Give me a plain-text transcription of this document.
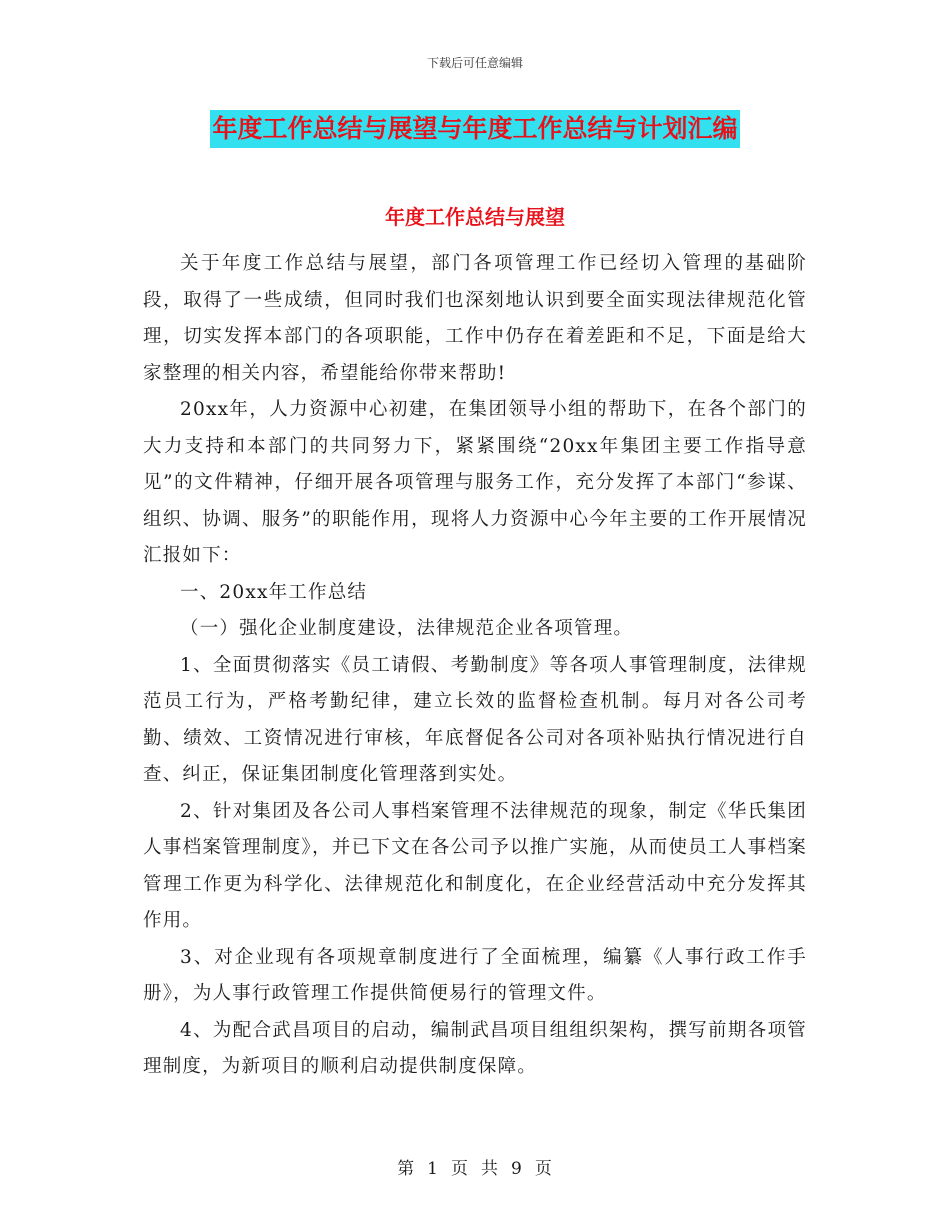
下载后可任意编辑
年度工作总结与展望与年度工作总结与计划汇编
年度工作总结与展望

关于年度工作总结与展望，部门各项管理工作已经切入管理的基础阶段，取得了一些成绩，但同时我们也深刻地认识到要全面实现法律规范化管理，切实发挥本部门的各项职能，工作中仍存在着差距和不足，下面是给大家整理的相关内容，希望能给你带来帮助!

20xx年，人力资源中心初建，在集团领导小组的帮助下，在各个部门的大力支持和本部门的共同努力下，紧紧围绕“20xx年集团主要工作指导意见”的文件精神，仔细开展各项管理与服务工作，充分发挥了本部门“参谋、组织、协调、服务”的职能作用，现将人力资源中心今年主要的工作开展情况汇报如下：

一、20xx年工作总结

（一）强化企业制度建设，法律规范企业各项管理。

1、全面贯彻落实《员工请假、考勤制度》等各项人事管理制度，法律规范员工行为，严格考勤纪律，建立长效的监督检查机制。每月对各公司考勤、绩效、工资情况进行审核，年底督促各公司对各项补贴执行情况进行自查、纠正，保证集团制度化管理落到实处。

2、针对集团及各公司人事档案管理不法律规范的现象，制定《华氏集团人事档案管理制度》，并已下文在各公司予以推广实施，从而使员工人事档案管理工作更为科学化、法律规范化和制度化，在企业经营活动中充分发挥其作用。

3、对企业现有各项规章制度进行了全面梳理，编纂《人事行政工作手册》，为人事行政管理工作提供简便易行的管理文件。

4、为配合武昌项目的启动，编制武昌项目组组织架构，撰写前期各项管理制度，为新项目的顺利启动提供制度保障。

第 1 页 共 9 页
